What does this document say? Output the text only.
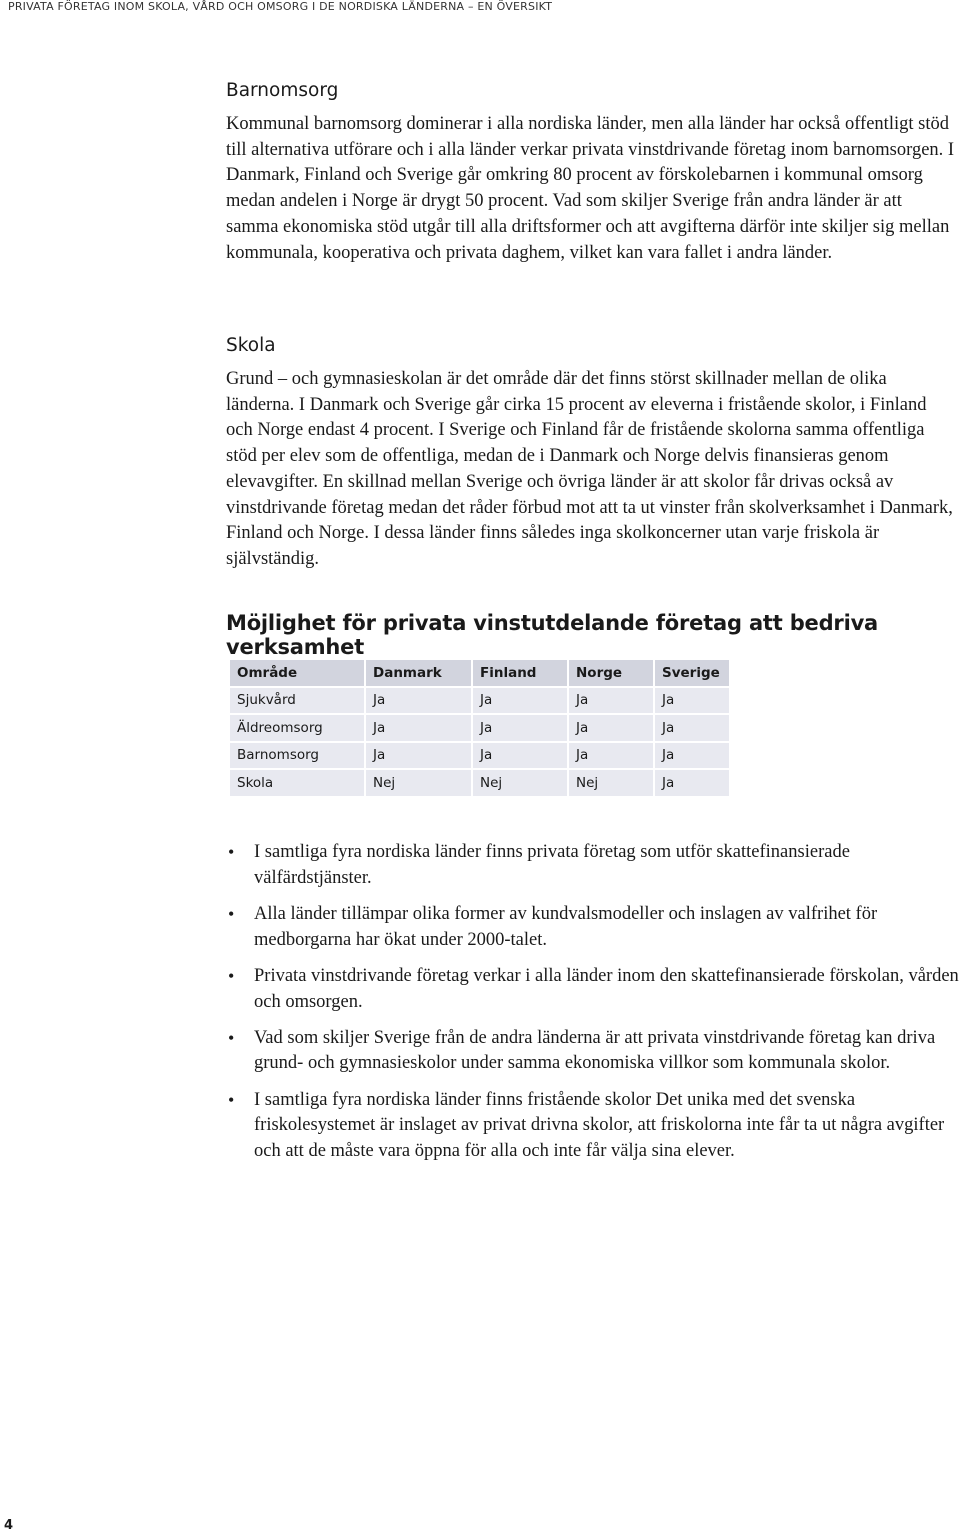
PRIVATA FÖRETAG INOM SKOLA, VÅRD OCH OMSORG I DE NORDISKA LÄNDERNA – EN ÖVERSIKT
Barnomsorg

Kommunal barnomsorg dominerar i alla nordiska länder, men alla länder har också offentligt stöd till alternativa utförare och i alla länder verkar privata vinstdrivande företag inom barnomsorgen. I Danmark, Finland och Sverige går omkring 80 procent av förskolebarnen i kommunal omsorg medan andelen i Norge är drygt 50 procent. Vad som skiljer Sverige från andra länder är att samma ekonomiska stöd utgår till alla driftsformer och att avgifterna därför inte skiljer sig mellan kommunala, kooperativa och privata daghem, vilket kan vara fallet i andra länder.

Skola

Grund – och gymnasieskolan är det område där det finns störst skillnader mellan de olika länderna. I Danmark och Sverige går cirka 15 procent av eleverna i fristående skolor, i Finland och Norge endast 4 procent. I Sverige och Finland får de fristående skolorna samma offentliga stöd per elev som de offentliga, medan de i Danmark och Norge delvis finansieras genom elevavgifter. En skillnad mellan Sverige och övriga länder är att skolor får drivas också av vinstdrivande företag medan det råder förbud mot att ta ut vinster från skolverksamhet i Danmark, Finland och Norge. I dessa länder finns således inga skolkoncerner utan varje friskola är självständig.

Möjlighet för privata vinstutdelande företag att bedriva verksamhet
Område	Danmark	Finland	Norge	Sverige
Sjukvård	Ja	Ja	Ja	Ja
Äldreomsorg	Ja	Ja	Ja	Ja
Barnomsorg	Ja	Ja	Ja	Ja
Skola	Nej	Nej	Nej	Ja
• I samtliga fyra nordiska länder finns privata företag som utför skattefinansierade välfärdstjänster.
• Alla länder tillämpar olika former av kundvalsmodeller och inslagen av valfrihet för medborgarna har ökat under 2000-talet.
• Privata vinstdrivande företag verkar i alla länder inom den skattefinansierade förskolan, vården och omsorgen.
• Vad som skiljer Sverige från de andra länderna är att privata vinstdrivande företag kan driva grund- och gymnasieskolor under samma ekonomiska villkor som kommunala skolor.
• I samtliga fyra nordiska länder finns fristående skolor Det unika med det svenska friskolesystemet är inslaget av privat drivna skolor, att friskolorna inte får ta ut några avgifter och att de måste vara öppna för alla och inte får välja sina elever.
4
